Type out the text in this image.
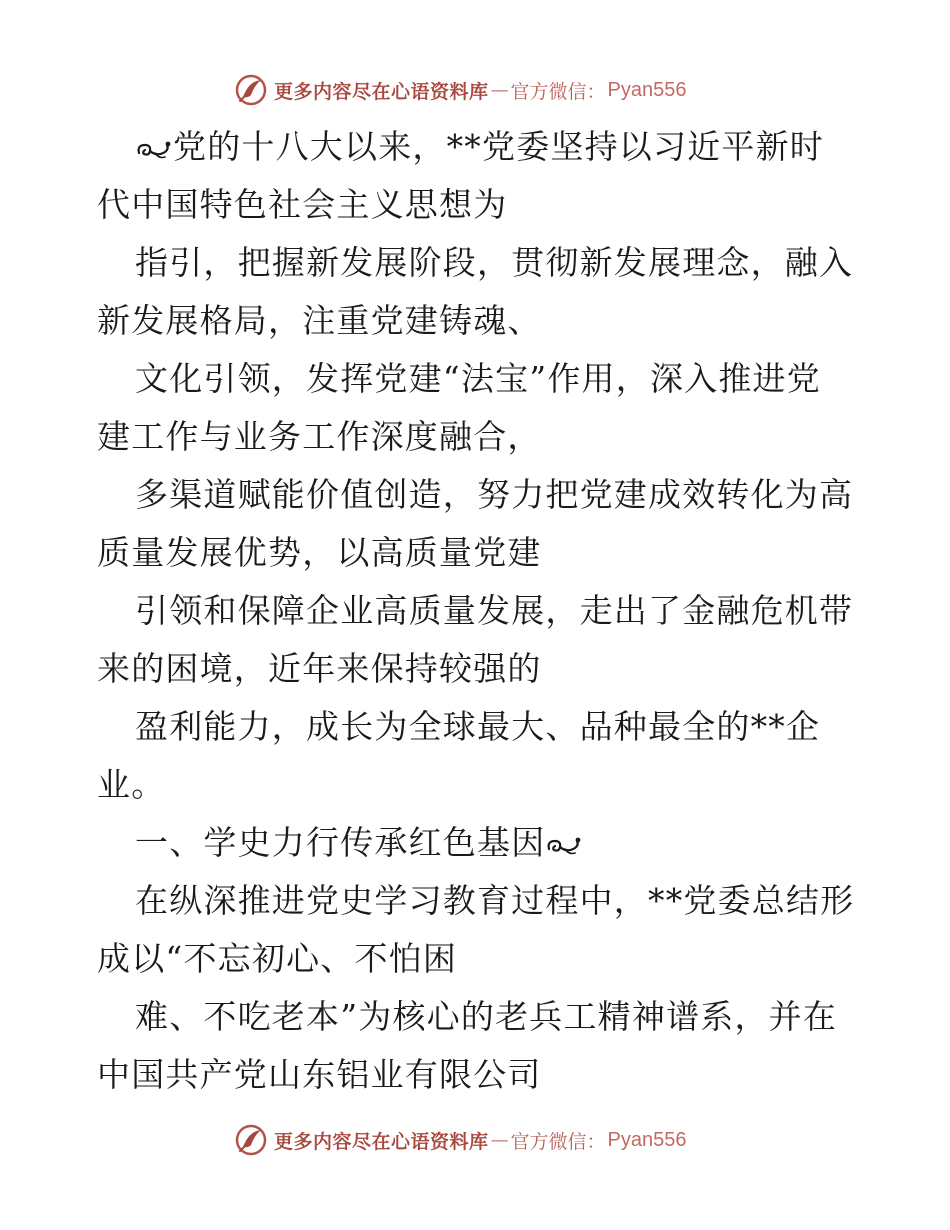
更多内容尽在心语资料库 — 官方微信： Pyan556
党的十八大以来，**党委坚持以习近平新时
代中国特色社会主义思想为
指引，把握新发展阶段，贯彻新发展理念，融入
新发展格局，注重党建铸魂、
文化引领，发挥党建“法宝”作用，深入推进党
建工作与业务工作深度融合，
多渠道赋能价值创造，努力把党建成效转化为高
质量发展优势，以高质量党建
引领和保障企业高质量发展，走出了金融危机带
来的困境，近年来保持较强的
盈利能力，成长为全球最大、品种最全的**企
业。
一、学史力行传承红色基因
在纵深推进党史学习教育过程中，**党委总结形
成以“不忘初心、不怕困
难、不吃老本”为核心的老兵工精神谱系，并在
中国共产党山东铝业有限公司
更多内容尽在心语资料库 — 官方微信： Pyan556
